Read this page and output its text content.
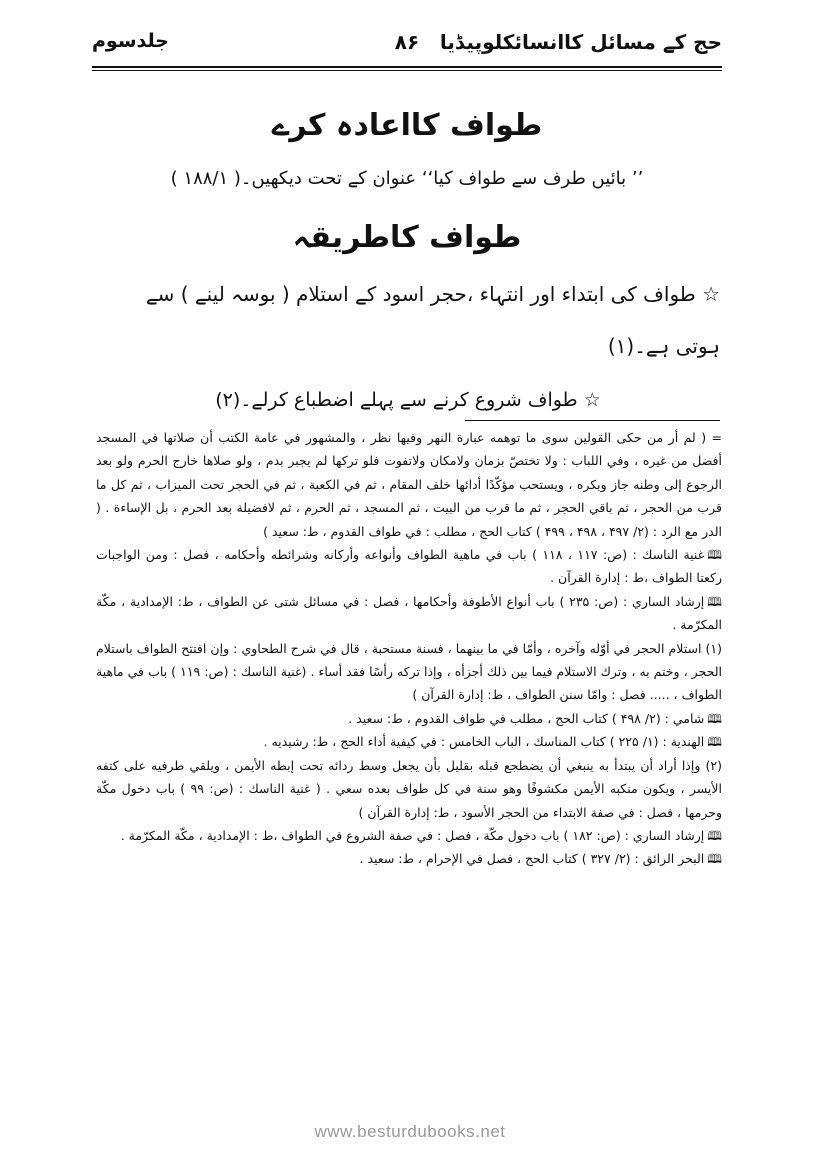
حج کے مسائل کاانسائکلوپیڈیا
۸۶
جلدسوم
طواف کااعادہ کرے
’’ بائیں طرف سے طواف کیا‘‘ عنوان کے تحت دیکھیں۔( ۱۸۸/۱ )
طواف کاطریقہ
☆ طواف کی ابتداء اور انتہاء ،حجر اسود کے استلام ( بوسہ لینے ) سے ہوتی ہے۔(۱)
☆ طواف شروع کرنے سے پہلے اضطباع کرلے۔(۲)

= ( لم أر من حكى القولين سوى ما توهمه عبارة النهر وفيها نظر ، والمشهور في عامة الكتب أن صلاتها في المسجد أفضل من غيره ، وفي اللباب : ولا تختصّ بزمان ولامكان ولاتفوت فلو تركها لم يجبر بدم ، ولو صلاها خارج الحرم ولو بعد الرجوع إلى وطنه جاز وبكره ، ويستحب مؤكّدًا أدائها خلف المقام ، ثم في الكعبة ، ثم في الحجر تحت الميزاب ، ثم كل ما قرب من الحجر ، ثم باقي الحجر ، ثم ما قرب من البيت ، ثم المسجد ، ثم الحرم ، ثم لافضيلة بعد الحرم ، بل الإساءة . ( الدر مع الرد : (۲/ ۴۹۷ ، ۴۹۸ ، ۴۹۹ ) كتاب الحج ، مطلب : في طواف القدوم ، ط: سعيد )

🕮غنية الناسك : (ص: ۱۱۷ ، ۱۱۸ ) باب في ماهية الطواف وأنواعه وأركانه وشرائطه وأحكامه ، فصل : ومن الواجبات ركعتا الطواف ،ط : إدارة القرآن .

🕮إرشاد الساري : (ص: ۲۳۵ ) باب أنواع الأطوفة وأحكامها ، فصل : في مسائل شتى عن الطواف ، ط: الإمدادية ، مكّة المكرّمة .

(۱) استلام الحجر في أوّله وآخره ، وأمّا في ما بينهما ، فسنة مستحبة ، قال في شرح الطحاوي : وإن افتتح الطواف باستلام الحجر ، وختم به ، وترك الاستلام فيما بين ذلك أجزأه ، وإذا تركه رأسًا فقد أساء . (غنية الناسك : (ص: ۱۱۹ ) باب في ماهية الطواف ، ..... فصل : وامّا سنن الطواف ، ط: إدارة القرآن )

🕮شامي : (۲/ ۴۹۸ ) كتاب الحج ، مطلب في طواف القدوم ، ط: سعيد .

🕮الهندية : (۱/ ۲۲۵ ) كتاب المناسك ، الباب الخامس : في كيفية أداء الحج ، ط: رشيديه .

(۲) وإذا أراد أن يبتدأ به ينبغي أن يضطجع قبله بقليل بأن يجعل وسط ردائه تحت إبطه الأيمن ، ويلقي طرفيه على كتفه الأيسر ، ويكون منكبه الأيمن مكشوفًا وهو سنة في كل طواف بعده سعي . ( غنية الناسك : (ص: ۹۹ ) باب دخول مكّة وحرمها ، فصل : في صفة الابتداء من الحجر الأسود ، ط: إدارة القرآن )

🕮إرشاد الساري : (ص: ۱۸۲ ) باب دخول مكّة ، فصل : في صفة الشروع في الطواف ،ط : الإمدادية ، مكّة المكرّمة .

🕮البحر الرائق : (۲/ ۳۲۷ ) كتاب الحج ، فصل في الإحرام ، ط: سعيد .

www.besturdubooks.net
